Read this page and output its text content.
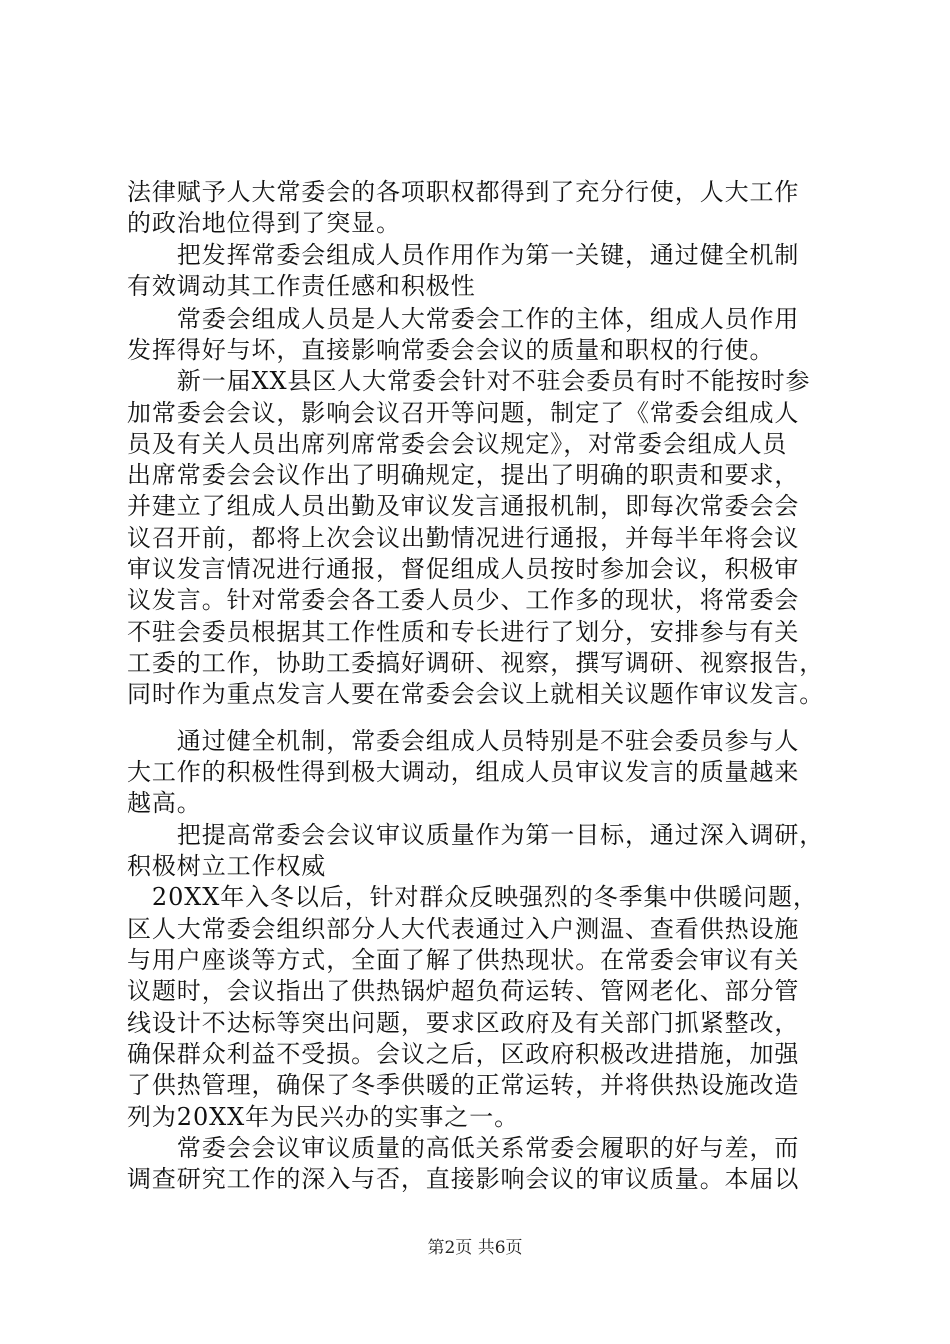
法律赋予人大常委会的各项职权都得到了充分行使，人大工作
的政治地位得到了突显。
　　把发挥常委会组成人员作用作为第一关键，通过健全机制
有效调动其工作责任感和积极性
　　常委会组成人员是人大常委会工作的主体，组成人员作用
发挥得好与坏，直接影响常委会会议的质量和职权的行使。
　　新一届XX县区人大常委会针对不驻会委员有时不能按时参
加常委会会议，影响会议召开等问题，制定了《常委会组成人
员及有关人员出席列席常委会会议规定》，对常委会组成人员
出席常委会会议作出了明确规定，提出了明确的职责和要求，
并建立了组成人员出勤及审议发言通报机制，即每次常委会会
议召开前，都将上次会议出勤情况进行通报，并每半年将会议
审议发言情况进行通报，督促组成人员按时参加会议，积极审
议发言。针对常委会各工委人员少、工作多的现状，将常委会
不驻会委员根据其工作性质和专长进行了划分，安排参与有关
工委的工作，协助工委搞好调研、视察，撰写调研、视察报告，
同时作为重点发言人要在常委会会议上就相关议题作审议发言。
　　通过健全机制，常委会组成人员特别是不驻会委员参与人
大工作的积极性得到极大调动，组成人员审议发言的质量越来
越高。
　　把提高常委会会议审议质量作为第一目标，通过深入调研，
积极树立工作权威
　20XX年入冬以后，针对群众反映强烈的冬季集中供暖问题，
区人大常委会组织部分人大代表通过入户测温、查看供热设施
与用户座谈等方式，全面了解了供热现状。在常委会审议有关
议题时，会议指出了供热锅炉超负荷运转、管网老化、部分管
线设计不达标等突出问题，要求区政府及有关部门抓紧整改，
确保群众利益不受损。会议之后，区政府积极改进措施，加强
了供热管理，确保了冬季供暖的正常运转，并将供热设施改造
列为20XX年为民兴办的实事之一。
　　常委会会议审议质量的高低关系常委会履职的好与差，而
调查研究工作的深入与否，直接影响会议的审议质量。本届以
第2页 共6页
